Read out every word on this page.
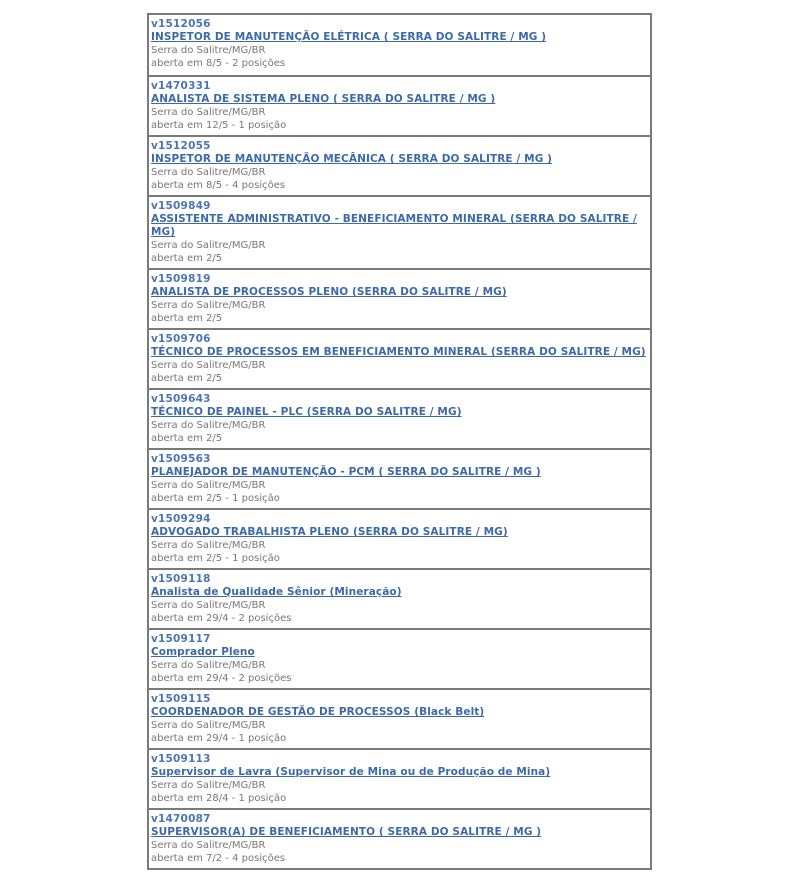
v1512056
INSPETOR DE MANUTENÇÃO ELÉTRICA ( SERRA DO SALITRE / MG )
Serra do Salitre/MG/BR
aberta em 8/5 - 2 posições
v1470331
ANALISTA DE SISTEMA PLENO ( SERRA DO SALITRE / MG )
Serra do Salitre/MG/BR
aberta em 12/5 - 1 posição
v1512055
INSPETOR DE MANUTENÇÃO MECÂNICA ( SERRA DO SALITRE / MG )
Serra do Salitre/MG/BR
aberta em 8/5 - 4 posições
v1509849
ASSISTENTE ADMINISTRATIVO - BENEFICIAMENTO MINERAL (SERRA DO SALITRE / MG)
Serra do Salitre/MG/BR
aberta em 2/5
v1509819
ANALISTA DE PROCESSOS PLENO (SERRA DO SALITRE / MG)
Serra do Salitre/MG/BR
aberta em 2/5
v1509706
TÉCNICO DE PROCESSOS EM BENEFICIAMENTO MINERAL (SERRA DO SALITRE / MG)
Serra do Salitre/MG/BR
aberta em 2/5
v1509643
TÉCNICO DE PAINEL - PLC (SERRA DO SALITRE / MG)
Serra do Salitre/MG/BR
aberta em 2/5
v1509563
PLANEJADOR DE MANUTENÇÃO - PCM ( SERRA DO SALITRE / MG )
Serra do Salitre/MG/BR
aberta em 2/5 - 1 posição
v1509294
ADVOGADO TRABALHISTA PLENO (SERRA DO SALITRE / MG)
Serra do Salitre/MG/BR
aberta em 2/5 - 1 posição
v1509118
Analista de Qualidade Sênior (Mineração)
Serra do Salitre/MG/BR
aberta em 29/4 - 2 posições
v1509117
Comprador Pleno
Serra do Salitre/MG/BR
aberta em 29/4 - 2 posições
v1509115
COORDENADOR DE GESTÃO DE PROCESSOS (Black Belt)
Serra do Salitre/MG/BR
aberta em 29/4 - 1 posição
v1509113
Supervisor de Lavra (Supervisor de Mina ou de Produção de Mina)
Serra do Salitre/MG/BR
aberta em 28/4 - 1 posição
v1470087
SUPERVISOR(A) DE BENEFICIAMENTO ( SERRA DO SALITRE / MG )
Serra do Salitre/MG/BR
aberta em 7/2 - 4 posições
